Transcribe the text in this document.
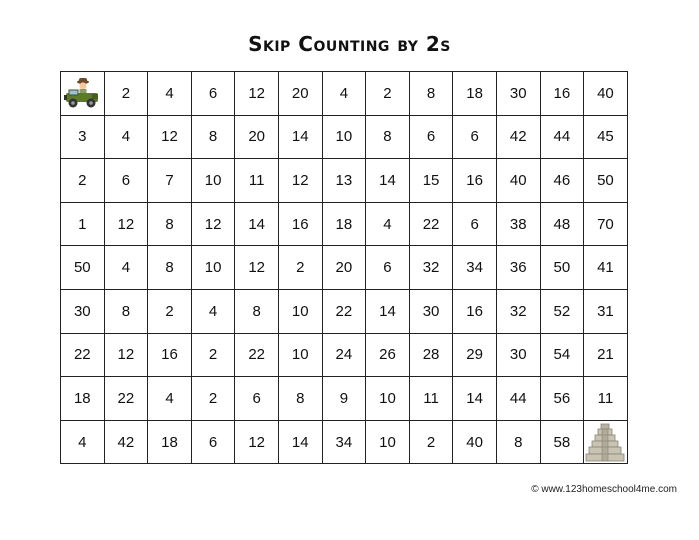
Skip Counting by 2s
	2	4	6	12	20	4	2	8	18	30	16	40
3	4	12	8	20	14	10	8	6	6	42	44	45
2	6	7	10	11	12	13	14	15	16	40	46	50
1	12	8	12	14	16	18	4	22	6	38	48	70
50	4	8	10	12	2	20	6	32	34	36	50	41
30	8	2	4	8	10	22	14	30	16	32	52	31
22	12	16	2	22	10	24	26	28	29	30	54	21
18	22	4	2	6	8	9	10	11	14	44	56	11
4	42	18	6	12	14	34	10	2	40	8	58	
© www.123homeschool4me.com
